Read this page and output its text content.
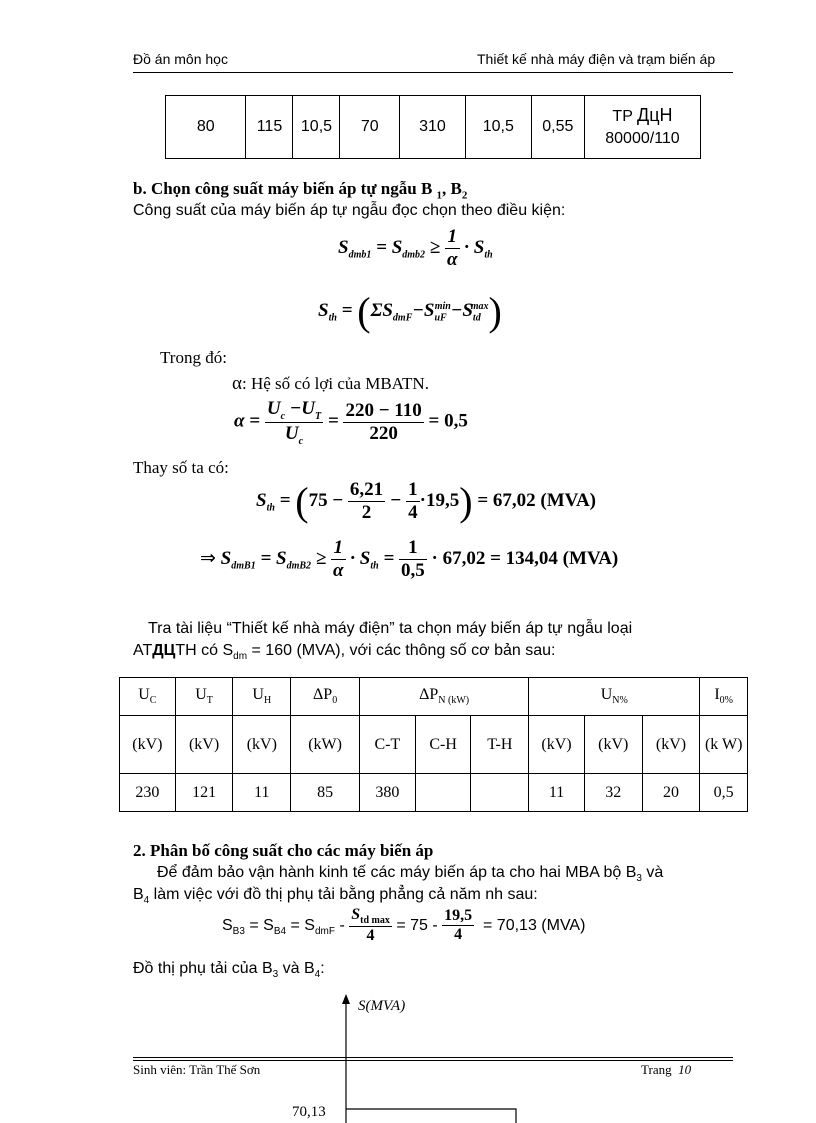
Đồ án môn học	Thiết kế nhà máy điện và trạm biến áp
80	115	10,5	70	310	10,5	0,55	TP ДцН
80000/110
b. Chọn công suất máy biến áp tự ngẫu B $_1$, $B_2$
Công suất của máy biến áp tự ngẫu đọc chọn theo điều kiện:
$S_{dmb1} = S_{dmb2} \ge \frac{1}{\alpha} \cdot S_{th}$
$S_{th} = (\Sigma S_{dmF}-S_{uF}^{min}-S_{td}^{max})$
Trong đó:
α: Hệ số có lợi của MBATN.
$\alpha = \frac{U_c -U_T}{U_c} = \frac{220 - 110}{220} = 0,5$
Thay số ta có:
$S_{th} = (75 - \frac{6,21}{2} - \frac{1}{4} \cdot 19,5) = 67,02$ (MVA)
⇒ $S_{dmB1} = S_{dmB2} \ge \frac{1}{\alpha} \cdot S_{th} = \frac{1}{0,5} \cdot 67,02 = 134,04$ (MVA)
Tra tài liệu “Thiết kế nhà máy điện” ta chọn máy biến áp tự ngẫu loại
ATДЦTH có $S_{dm} = 160$ (MVA), với các thông số cơ bản sau:
$U_C$	$U_T$	$U_H$	$\Delta P_0$	$\Delta P_{N (kW)}$			$U_{N\%}$			$I_{0\%}$
(kV)	(kV)	(kV)	(kW)	C-T	C-H	T-H	(kV)	(kV)	(kV)	(k W)
230	121	11	85	380			11	32	20	0,5
2. Phân bố công suất cho các máy biến áp
Để đảm bảo vận hành kinh tế các máy biến áp ta cho hai MBA bộ $B_3$ và
$B_4$ làm việc với đồ thị phụ tải bằng phẳng cả năm nh sau:
$S_{B3} = S_{B4} = S_{dmF} - \frac{S_{td max}}{4} = 75 - \frac{19,5}{4} = 70,13$ (MVA)
Đồ thị phụ tải của $B_3$ và $B_4$:
S(MVA)
70,13
Sinh viên: Trần Thế Sơn	Trang 10
